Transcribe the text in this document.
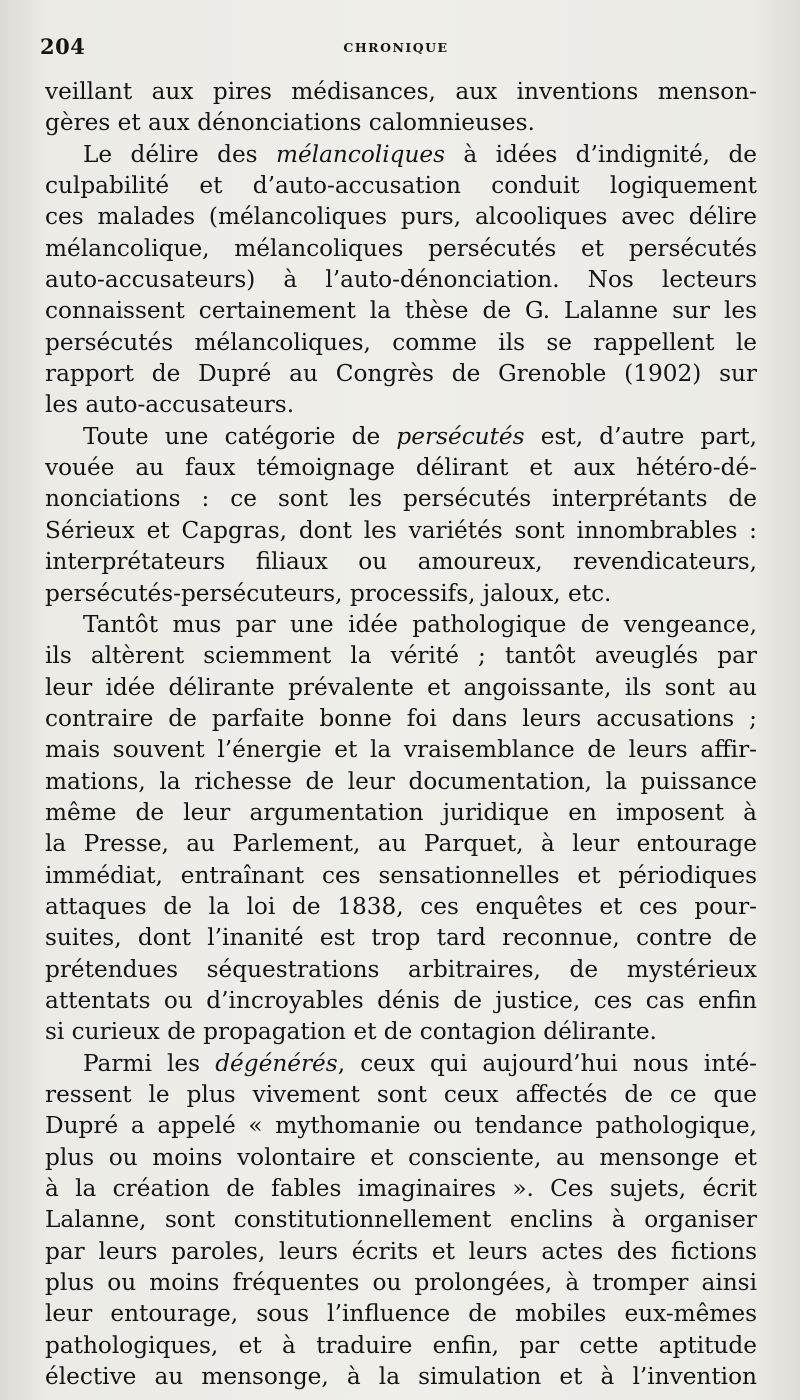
204	CHRONIQUE
veillant aux pires médisances, aux inventions menson-
gères et aux dénonciations calomnieuses.
Le délire des mélancoliques à idées d’indignité, de
culpabilité et d’auto-accusation conduit logiquement
ces malades (mélancoliques purs, alcooliques avec délire
mélancolique, mélancoliques persécutés et persécutés
auto-accusateurs) à l’auto-dénonciation. Nos lecteurs
connaissent certainement la thèse de G. Lalanne sur les
persécutés mélancoliques, comme ils se rappellent le
rapport de Dupré au Congrès de Grenoble (1902) sur
les auto-accusateurs.
Toute une catégorie de persécutés est, d’autre part,
vouée au faux témoignage délirant et aux hétéro-dé-
nonciations : ce sont les persécutés interprétants de
Sérieux et Capgras, dont les variétés sont innombrables :
interprétateurs filiaux ou amoureux, revendicateurs,
persécutés-persécuteurs, processifs, jaloux, etc.
Tantôt mus par une idée pathologique de vengeance,
ils altèrent sciemment la vérité ; tantôt aveuglés par
leur idée délirante prévalente et angoissante, ils sont au
contraire de parfaite bonne foi dans leurs accusations ;
mais souvent l’énergie et la vraisemblance de leurs affir-
mations, la richesse de leur documentation, la puissance
même de leur argumentation juridique en imposent à
la Presse, au Parlement, au Parquet, à leur entourage
immédiat, entraînant ces sensationnelles et périodiques
attaques de la loi de 1838, ces enquêtes et ces pour-
suites, dont l’inanité est trop tard reconnue, contre de
prétendues séquestrations arbitraires, de mystérieux
attentats ou d’incroyables dénis de justice, ces cas enfin
si curieux de propagation et de contagion délirante.
Parmi les dégénérés, ceux qui aujourd’hui nous inté-
ressent le plus vivement sont ceux affectés de ce que
Dupré a appelé « mythomanie ou tendance pathologique,
plus ou moins volontaire et consciente, au mensonge et
à la création de fables imaginaires ». Ces sujets, écrit
Lalanne, sont constitutionnellement enclins à organiser
par leurs paroles, leurs écrits et leurs actes des fictions
plus ou moins fréquentes ou prolongées, à tromper ainsi
leur entourage, sous l’influence de mobiles eux-mêmes
pathologiques, et à traduire enfin, par cette aptitude
élective au mensonge, à la simulation et à l’invention
